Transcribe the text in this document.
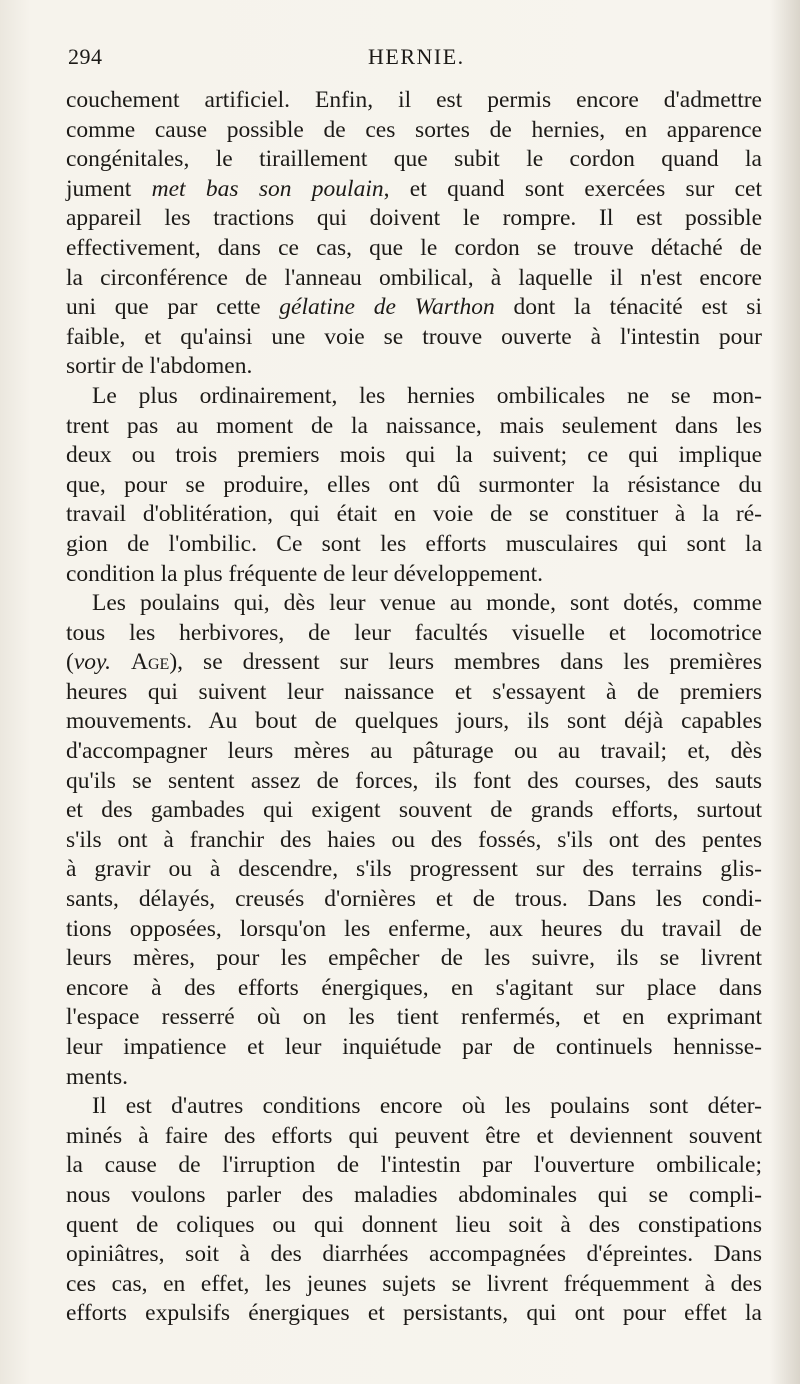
294	HERNIE.
couchement artificiel. Enfin, il est permis encore d'admettre
comme cause possible de ces sortes de hernies, en apparence
congénitales, le tiraillement que subit le cordon quand la
jument met bas son poulain, et quand sont exercées sur cet
appareil les tractions qui doivent le rompre. Il est possible
effectivement, dans ce cas, que le cordon se trouve détaché de
la circonférence de l'anneau ombilical, à laquelle il n'est encore
uni que par cette gélatine de Warthon dont la ténacité est si
faible, et qu'ainsi une voie se trouve ouverte à l'intestin pour
sortir de l'abdomen.
Le plus ordinairement, les hernies ombilicales ne se mon-
trent pas au moment de la naissance, mais seulement dans les
deux ou trois premiers mois qui la suivent; ce qui implique
que, pour se produire, elles ont dû surmonter la résistance du
travail d'oblitération, qui était en voie de se constituer à la ré-
gion de l'ombilic. Ce sont les efforts musculaires qui sont la
condition la plus fréquente de leur développement.
Les poulains qui, dès leur venue au monde, sont dotés, comme
tous les herbivores, de leur facultés visuelle et locomotrice
(voy. Age), se dressent sur leurs membres dans les premières
heures qui suivent leur naissance et s'essayent à de premiers
mouvements. Au bout de quelques jours, ils sont déjà capables
d'accompagner leurs mères au pâturage ou au travail; et, dès
qu'ils se sentent assez de forces, ils font des courses, des sauts
et des gambades qui exigent souvent de grands efforts, surtout
s'ils ont à franchir des haies ou des fossés, s'ils ont des pentes
à gravir ou à descendre, s'ils progressent sur des terrains glis-
sants, délayés, creusés d'ornières et de trous. Dans les condi-
tions opposées, lorsqu'on les enferme, aux heures du travail de
leurs mères, pour les empêcher de les suivre, ils se livrent
encore à des efforts énergiques, en s'agitant sur place dans
l'espace resserré où on les tient renfermés, et en exprimant
leur impatience et leur inquiétude par de continuels hennisse-
ments.
Il est d'autres conditions encore où les poulains sont déter-
minés à faire des efforts qui peuvent être et deviennent souvent
la cause de l'irruption de l'intestin par l'ouverture ombilicale;
nous voulons parler des maladies abdominales qui se compli-
quent de coliques ou qui donnent lieu soit à des constipations
opiniâtres, soit à des diarrhées accompagnées d'épreintes. Dans
ces cas, en effet, les jeunes sujets se livrent fréquemment à des
efforts expulsifs énergiques et persistants, qui ont pour effet la
